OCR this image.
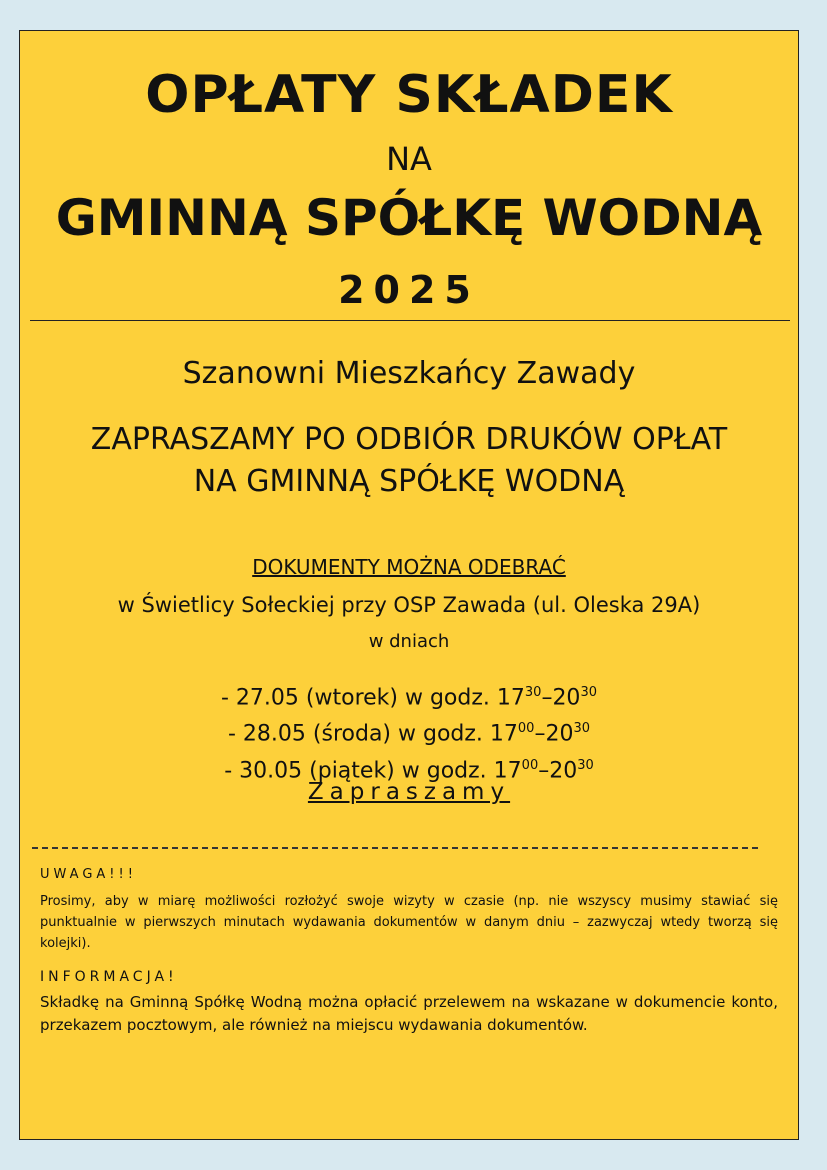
OPŁATY SKŁADEK
NA
GMINNĄ SPÓŁKĘ WODNĄ
2025
Szanowni Mieszkańcy Zawady
ZAPRASZAMY PO ODBIÓR DRUKÓW OPŁAT
NA GMINNĄ SPÓŁKĘ WODNĄ
DOKUMENTY MOŻNA ODEBRAĆ
w Świetlicy Sołeckiej przy OSP Zawada (ul. Oleska 29A)
w dniach
- 27.05 (wtorek) w godz. $17^{30}-20^{30}$
- 28.05 (środa) w godz. $17^{00}-20^{30}$
- 30.05 (piątek) w godz. $17^{00}-20^{30}$
Zapraszamy
UWAGA!!!
Prosimy, aby w miarę możliwości rozłożyć swoje wizyty w czasie (np. nie wszyscy musimy stawiać się punktualnie w pierwszych minutach wydawania dokumentów w danym dniu – zazwyczaj wtedy tworzą się kolejki).
INFORMACJA!
Składkę na Gminną Spółkę Wodną można opłacić przelewem na wskazane w dokumencie konto, przekazem pocztowym, ale również na miejscu wydawania dokumentów.
